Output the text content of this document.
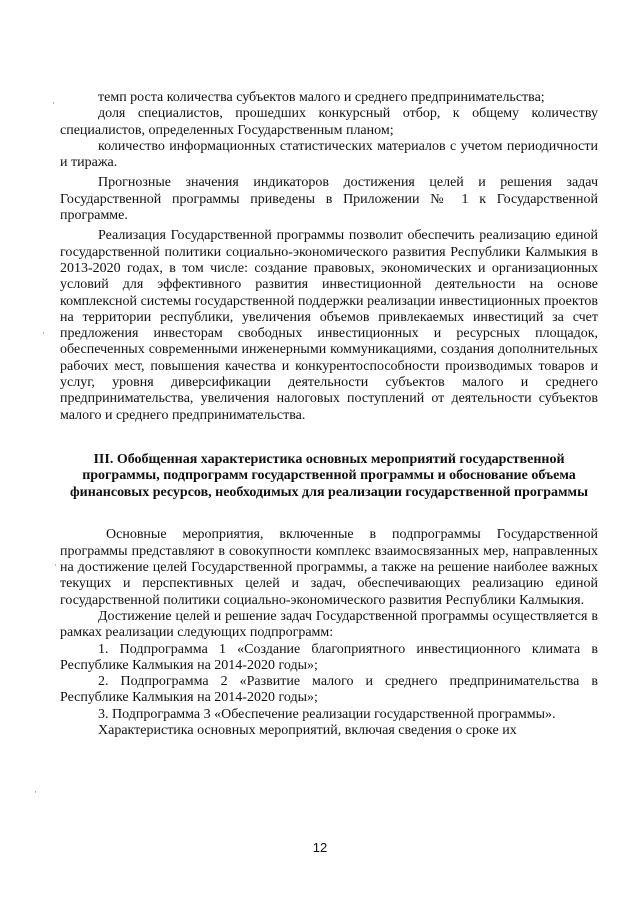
темп роста количества субъектов малого и среднего предпринимательства;

доля специалистов, прошедших конкурсный отбор, к общему количеству специалистов, определенных Государственным планом;

количество информационных статистических материалов с учетом периодичности и тиража.

Прогнозные значения индикаторов достижения целей и решения задач Государственной программы приведены в Приложении № 1 к Государственной программе.

Реализация Государственной программы позволит обеспечить реализацию единой государственной политики социально-экономического развития Республики Калмыкия в 2013-2020 годах, в том числе: создание правовых, экономических и организационных условий для эффективного развития инвестиционной деятельности на основе комплексной системы государственной поддержки реализации инвестиционных проектов на территории республики, увеличения объемов привлекаемых инвестиций за счет предложения инвесторам свободных инвестиционных и ресурсных площадок, обеспеченных современными инженерными коммуникациями, создания дополнительных рабочих мест, повышения качества и конкурентоспособности производимых товаров и услуг, уровня диверсификации деятельности субъектов малого и среднего предпринимательства, увеличения налоговых поступлений от деятельности субъектов малого и среднего предпринимательства.

III. Обобщенная характеристика основных мероприятий государственной программы, подпрограмм государственной программы и обоснование объема финансовых ресурсов, необходимых для реализации государственной программы

Основные мероприятия, включенные в подпрограммы Государственной программы представляют в совокупности комплекс взаимосвязанных мер, направленных на достижение целей Государственной программы, а также на решение наиболее важных текущих и перспективных целей и задач, обеспечивающих реализацию единой государственной политики социально-экономического развития Республики Калмыкия.

Достижение целей и решение задач Государственной программы осуществляется в рамках реализации следующих подпрограмм:

1. Подпрограмма 1 «Создание благоприятного инвестиционного климата в Республике Калмыкия на 2014-2020 годы»;

2. Подпрограмма 2 «Развитие малого и среднего предпринимательства в Республике Калмыкия на 2014-2020 годы»;

3. Подпрограмма 3 «Обеспечение реализации государственной программы».

Характеристика основных мероприятий, включая сведения о сроке их

12
·
·
·
·
